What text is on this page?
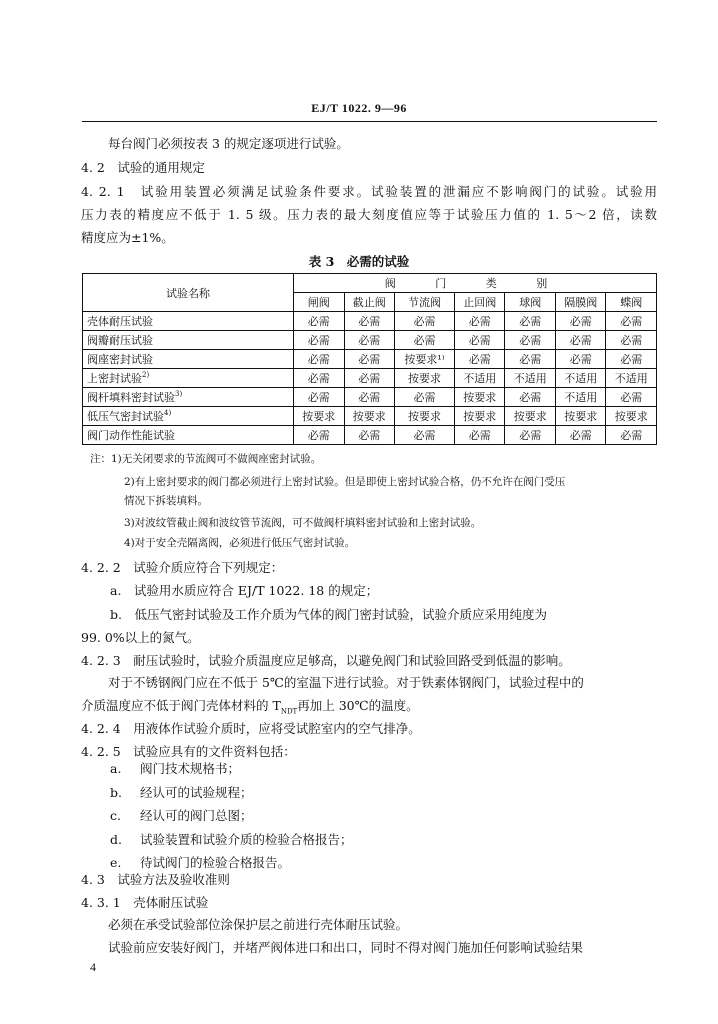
EJ/T 1022. 9—96
每台阀门必须按表 3 的规定逐项进行试验。
4. 2　试验的通用规定
4. 2. 1　试验用装置必须满足试验条件要求。试验装置的泄漏应不影响阀门的试验。试验用
压力表的精度应不低于 1. 5 级。压力表的最大刻度值应等于试验压力值的 1. 5～2 倍，读数
精度应为±1%。
表 3　必需的试验
试验名称	阀 门 类 别						
	闸阀	截止阀	节流阀	止回阀	球阀	隔膜阀	蝶阀
壳体耐压试验	必需	必需	必需	必需	必需	必需	必需
阀瓣耐压试验	必需	必需	必需	必需	必需	必需	必需
阀座密封试验	必需	必需	按要求¹⁾	必需	必需	必需	必需
上密封试验$^{2)}$	必需	必需	按要求	不适用	不适用	不适用	不适用
阀杆填料密封试验$^{3)}$	必需	必需	必需	按要求	必需	不适用	必需
低压气密封试验$^{4)}$	按要求	按要求	按要求	按要求	按要求	按要求	按要求
阀门动作性能试验	必需	必需	必需	必需	必需	必需	必需
注：1)无关闭要求的节流阀可不做阀座密封试验。
2)有上密封要求的阀门都必须进行上密封试验。但是即使上密封试验合格，仍不允许在阀门受压
情况下拆装填料。
3)对波纹管截止阀和波纹管节流阀，可不做阀杆填料密封试验和上密封试验。
4)对于安全壳隔离阀，必须进行低压气密封试验。
4. 2. 2　试验介质应符合下列规定：
a.　试验用水质应符合 EJ/T 1022. 18 的规定；
b.　低压气密封试验及工作介质为气体的阀门密封试验，试验介质应采用纯度为
99. 0%以上的氮气。
4. 2. 3　耐压试验时，试验介质温度应足够高，以避免阀门和试验回路受到低温的影响。
对于不锈钢阀门应在不低于 5℃的室温下进行试验。对于铁素体钢阀门，试验过程中的
介质温度应不低于阀门壳体材料的 $T_{NDT}$再加上 30℃的温度。
4. 2. 4　用液体作试验介质时，应将受试腔室内的空气排净。
4. 2. 5　试验应具有的文件资料包括：
a. 阀门技术规格书；
b. 经认可的试验规程；
c. 经认可的阀门总图；
d. 试验装置和试验介质的检验合格报告；
e. 待试阀门的检验合格报告。
4. 3　试验方法及验收准则
4. 3. 1　壳体耐压试验
必须在承受试验部位涂保护层之前进行壳体耐压试验。
试验前应安装好阀门，并堵严阀体进口和出口，同时不得对阀门施加任何影响试验结果
4
